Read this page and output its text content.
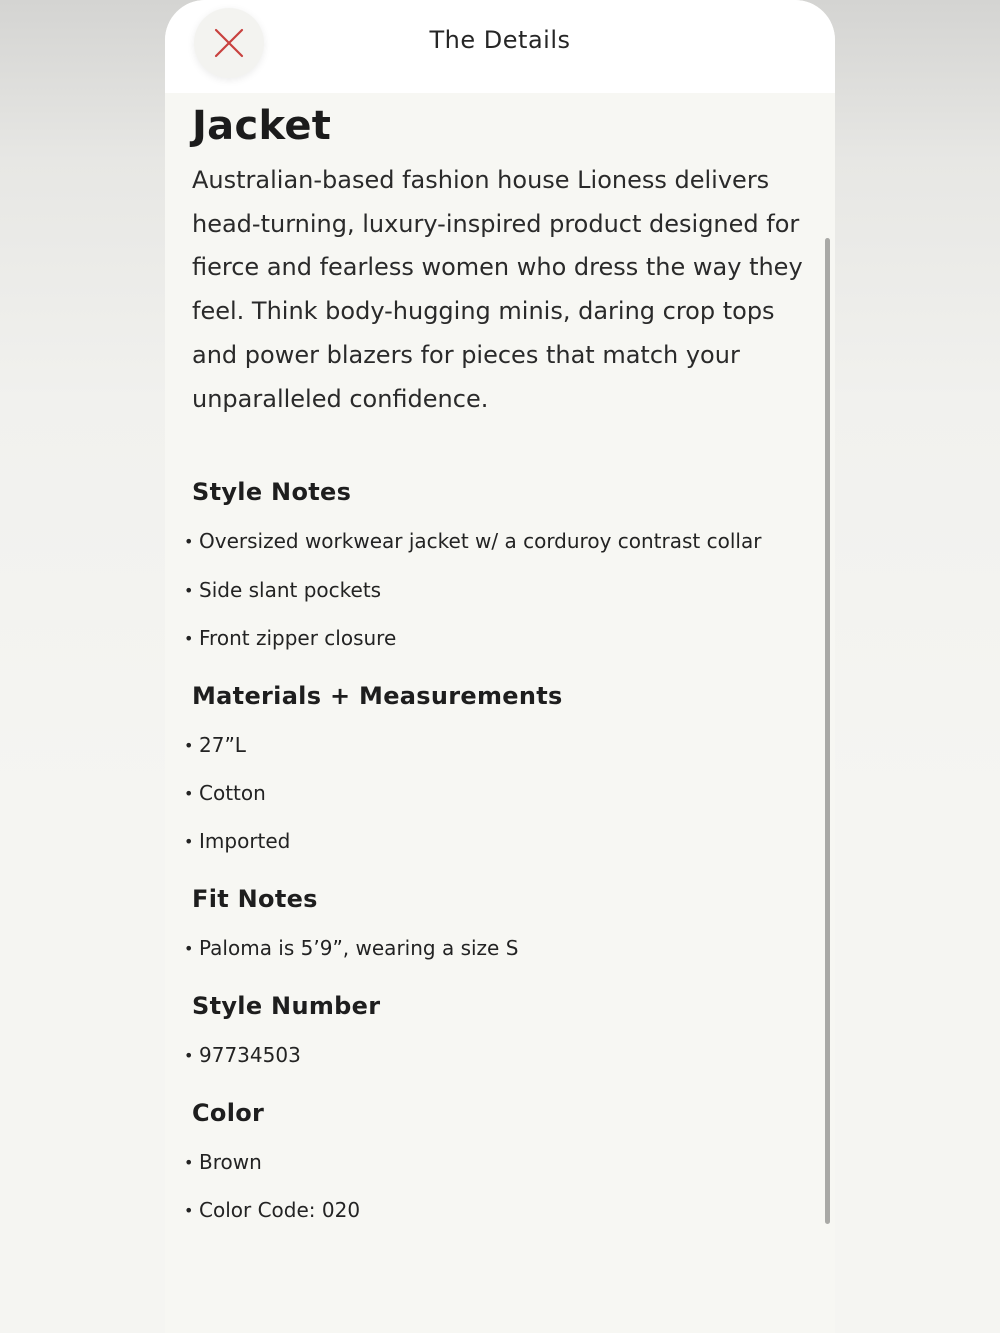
The Details
Jacket

Australian-based fashion house Lioness delivers head-turning, luxury-inspired product designed for fierce and fearless women who dress the way they feel. Think body-hugging minis, daring crop tops and power blazers for pieces that match your unparalleled confidence.

Style Notes
• Oversized workwear jacket w/ a corduroy contrast collar
• Side slant pockets
• Front zipper closure
Materials + Measurements
• 27”L
• Cotton
• Imported
Fit Notes
• Paloma is 5’9”, wearing a size S
Style Number
• 97734503
Color
• Brown
• Color Code: 020
